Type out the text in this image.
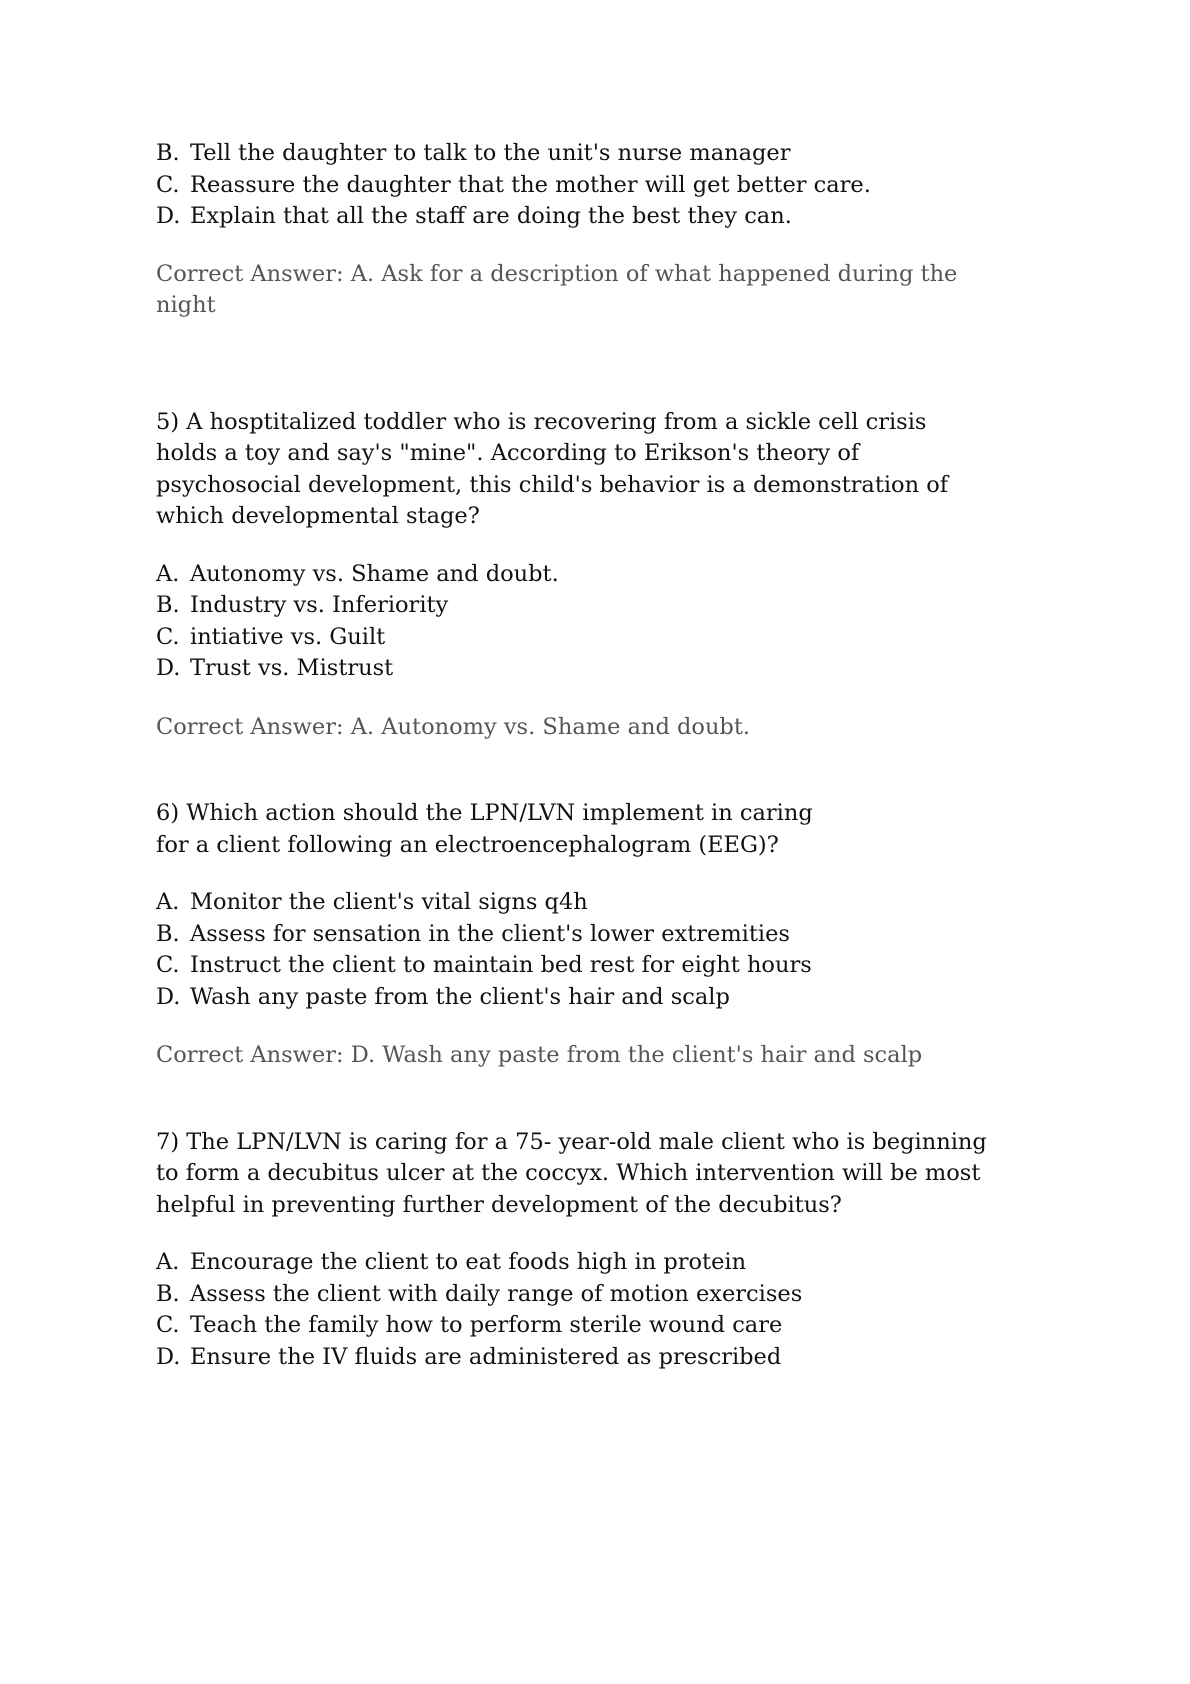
B. Tell the daughter to talk to the unit's nurse manager
C. Reassure the daughter that the mother will get better care.
D. Explain that all the staff are doing the best they can.
Correct Answer: A. Ask for a description of what happened during the
night
5) A hosptitalized toddler who is recovering from a sickle cell crisis
holds a toy and say's "mine". According to Erikson's theory of
psychosocial development, this child's behavior is a demonstration of
which developmental stage?
A. Autonomy vs. Shame and doubt.
B. Industry vs. Inferiority
C. intiative vs. Guilt
D. Trust vs. Mistrust
Correct Answer: A. Autonomy vs. Shame and doubt.
6) Which action should the LPN/LVN implement in caring
for a client following an electroencephalogram (EEG)?
A. Monitor the client's vital signs q4h
B. Assess for sensation in the client's lower extremities
C. Instruct the client to maintain bed rest for eight hours
D. Wash any paste from the client's hair and scalp
Correct Answer: D. Wash any paste from the client's hair and scalp
7) The LPN/LVN is caring for a 75- year-old male client who is beginning
to form a decubitus ulcer at the coccyx. Which intervention will be most
helpful in preventing further development of the decubitus?
A. Encourage the client to eat foods high in protein
B. Assess the client with daily range of motion exercises
C. Teach the family how to perform sterile wound care
D. Ensure the IV fluids are administered as prescribed
